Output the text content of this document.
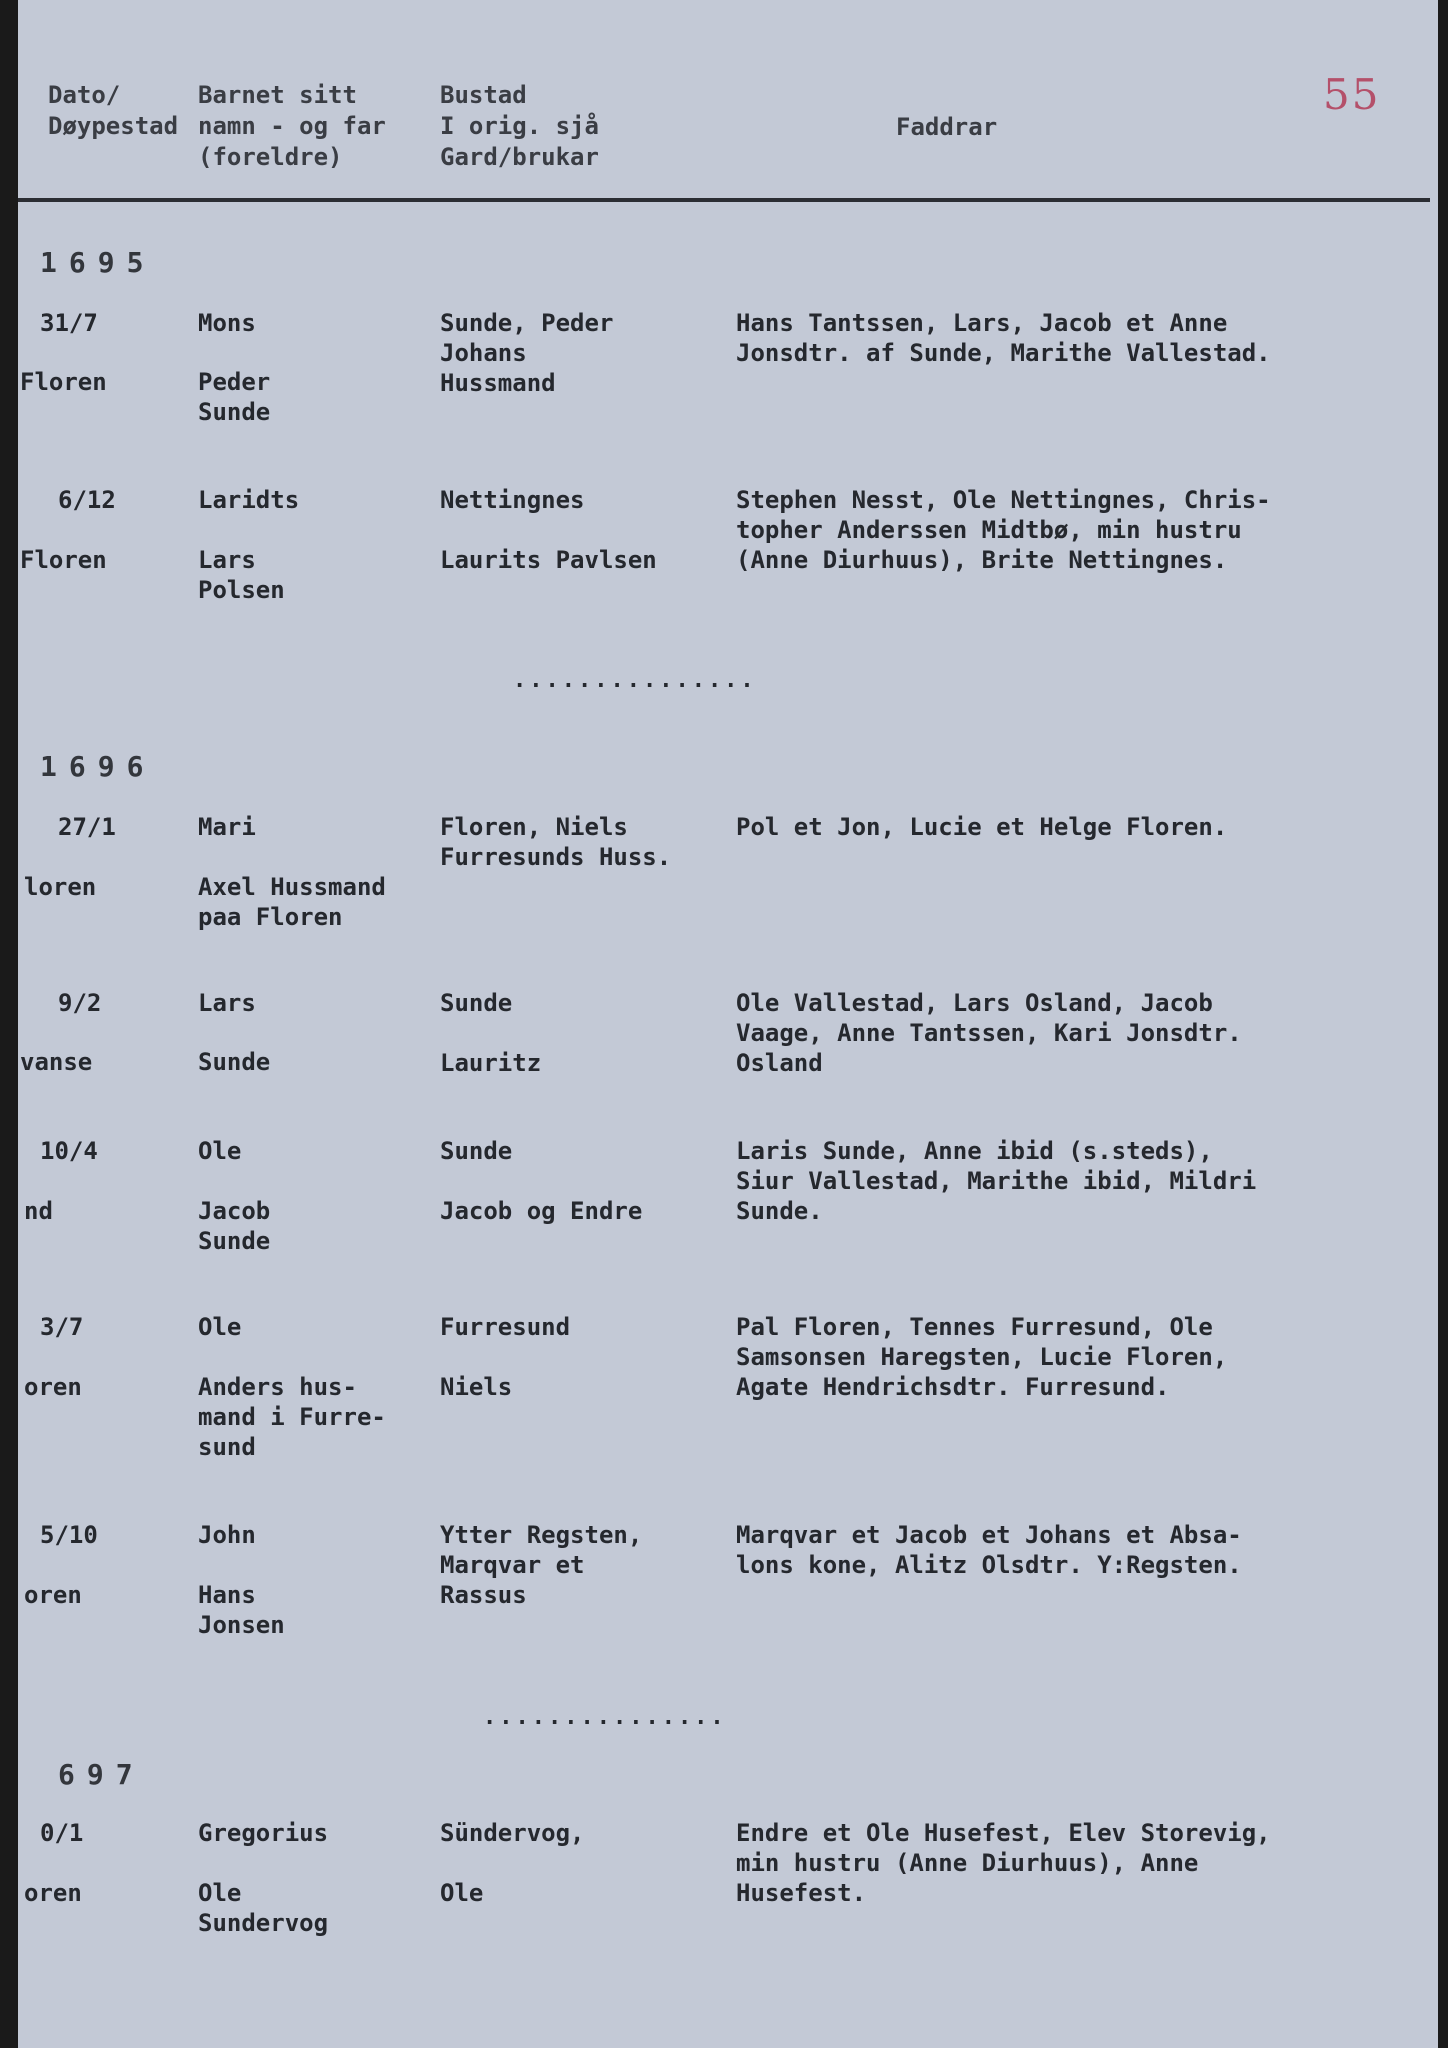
55
Dato/
Døypestad
Barnet sitt
namn - og far
(foreldre)
Bustad
I orig. sjå
Gard/brukar
Faddrar
1695
31/7
Floren
Mons
Peder
Sunde
Sunde, Peder
Johans
Hussmand
Hans Tantssen, Lars, Jacob et Anne
Jonsdtr. af Sunde, Marithe Vallestad.
6/12
Floren
Laridts
Lars
Polsen
Nettingnes

Laurits Pavlsen
Stephen Nesst, Ole Nettingnes, Chris-
topher Anderssen Midtbø, min hustru
(Anne Diurhuus), Brite Nettingnes.
...............
1696
27/1
loren
Mari
Axel Hussmand
paa Floren
Floren, Niels
Furresunds Huss.
Pol et Jon, Lucie et Helge Floren.
9/2
vanse
Lars
Sunde
Sunde

Lauritz
Ole Vallestad, Lars Osland, Jacob
Vaage, Anne Tantssen, Kari Jonsdtr.
Osland
10/4
nd
Ole
Jacob
Sunde
Sunde

Jacob og Endre
Laris Sunde, Anne ibid (s.steds),
Siur Vallestad, Marithe ibid, Mildri
Sunde.
3/7
oren
Ole
Anders hus-
mand i Furre-
sund
Furresund

Niels
Pal Floren, Tennes Furresund, Ole
Samsonsen Haregsten, Lucie Floren,
Agate Hendrichsdtr. Furresund.
5/10
oren
John
Hans
Jonsen
Ytter Regsten,
Marqvar et
Rassus
Marqvar et Jacob et Johans et Absa-
lons kone, Alitz Olsdtr. Y:Regsten.
...............
697
0/1
oren
Gregorius
Ole
Sundervog
Sündervog,

Ole
Endre et Ole Husefest, Elev Storevig,
min hustru (Anne Diurhuus), Anne
Husefest.
